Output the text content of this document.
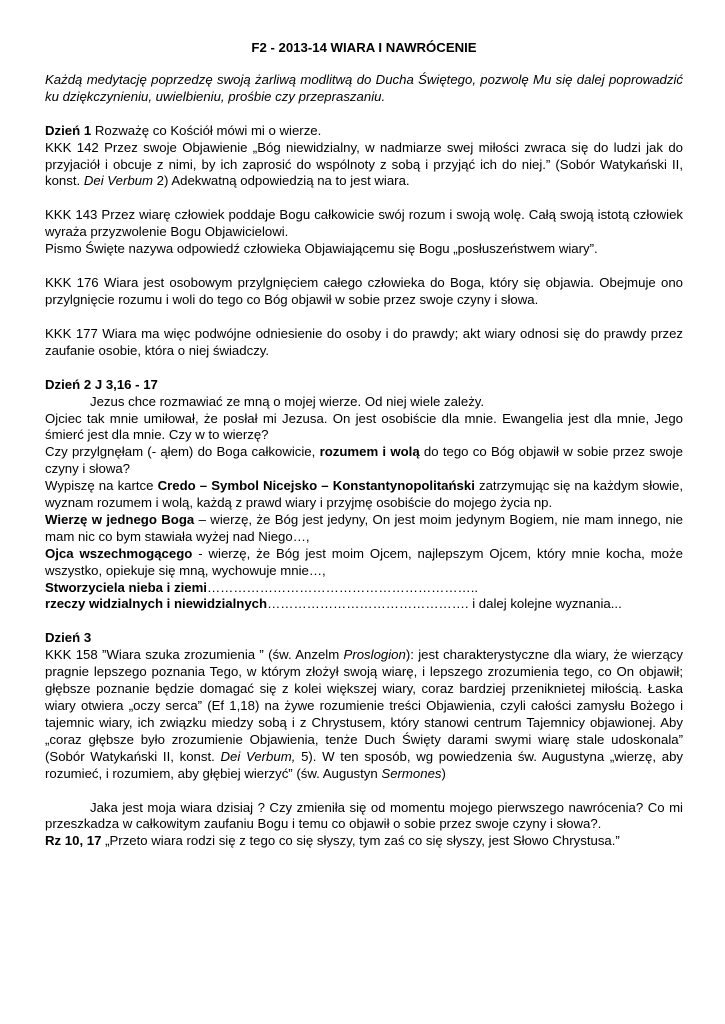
F2 - 2013-14 WIARA I NAWRÓCENIE

Każdą medytację poprzedzę swoją żarliwą modlitwą do Ducha Świętego, pozwolę Mu się dalej poprowadzić ku dziękczynieniu, uwielbieniu, prośbie czy przepraszaniu.

Dzień 1 Rozważę co Kościół mówi mi o wierze.

KKK 142 Przez swoje Objawienie „Bóg niewidzialny, w nadmiarze swej miłości zwraca się do ludzi jak do przyjaciół i obcuje z nimi, by ich zaprosić do wspólnoty z sobą i przyjąć ich do niej.” (Sobór Watykański II, konst. Dei Verbum 2) Adekwatną odpowiedzią na to jest wiara.

KKK 143 Przez wiarę człowiek poddaje Bogu całkowicie swój rozum i swoją wolę. Całą swoją istotą człowiek wyraża przyzwolenie Bogu Objawicielowi.

Pismo Święte nazywa odpowiedź człowieka Objawiającemu się Bogu „posłuszeństwem wiary”.

KKK 176 Wiara jest osobowym przylgnięciem całego człowieka do Boga, który się objawia. Obejmuje ono przylgnięcie rozumu i woli do tego co Bóg objawił w sobie przez swoje czyny i słowa.

KKK 177 Wiara ma więc podwójne odniesienie do osoby i do prawdy; akt wiary odnosi się do prawdy przez zaufanie osobie, która o niej świadczy.

Dzień 2 J 3,16 - 17

Jezus chce rozmawiać ze mną o mojej wierze. Od niej wiele zależy.

Ojciec tak mnie umiłował, że posłał mi Jezusa. On jest osobiście dla mnie. Ewangelia jest dla mnie, Jego śmierć jest dla mnie. Czy w to wierzę?

Czy przylgnęłam (- ąłem) do Boga całkowicie, rozumem i wolą do tego co Bóg objawił w sobie przez swoje czyny i słowa?

Wypiszę na kartce Credo – Symbol Nicejsko – Konstantynopolitański zatrzymując się na każdym słowie, wyznam rozumem i wolą, każdą z prawd wiary i przyjmę osobiście do mojego życia np.

Wierzę w jednego Boga – wierzę, że Bóg jest jedyny, On jest moim jedynym Bogiem, nie mam innego, nie mam nic co bym stawiała wyżej nad Niego…,

Ojca wszechmogącego - wierzę, że Bóg jest moim Ojcem, najlepszym Ojcem, który mnie kocha, może wszystko, opiekuje się mną, wychowuje mnie…,

Stworzyciela nieba i ziemi……………………………………………………..

rzeczy widzialnych i niewidzialnych………………………………………. i dalej kolejne wyznania...

Dzień 3

KKK 158 ”Wiara szuka zrozumienia ” (św. Anzelm Proslogion): jest charakterystyczne dla wiary, że wierzący pragnie lepszego poznania Tego, w którym złożył swoją wiarę, i lepszego zrozumienia tego, co On objawił; głębsze poznanie będzie domagać się z kolei większej wiary, coraz bardziej przeniknietej miłością. Łaska wiary otwiera „oczy serca” (Ef 1,18) na żywe rozumienie treści Objawienia, czyli całości zamysłu Bożego i tajemnic wiary, ich związku miedzy sobą i z Chrystusem, który stanowi centrum Tajemnicy objawionej. Aby „coraz głębsze było zrozumienie Objawienia, tenże Duch Święty darami swymi wiarę stale udoskonala” (Sobór Watykański II, konst. Dei Verbum, 5). W ten sposób, wg powiedzenia św. Augustyna „wierzę, aby rozumieć, i rozumiem, aby głębiej wierzyć” (św. Augustyn Sermones)

Jaka jest moja wiara dzisiaj ? Czy zmieniła się od momentu mojego pierwszego nawrócenia? Co mi przeszkadza w całkowitym zaufaniu Bogu i temu co objawił o sobie przez swoje czyny i słowa?.

Rz 10, 17 „Przeto wiara rodzi się z tego co się słyszy, tym zaś co się słyszy, jest Słowo Chrystusa.”
